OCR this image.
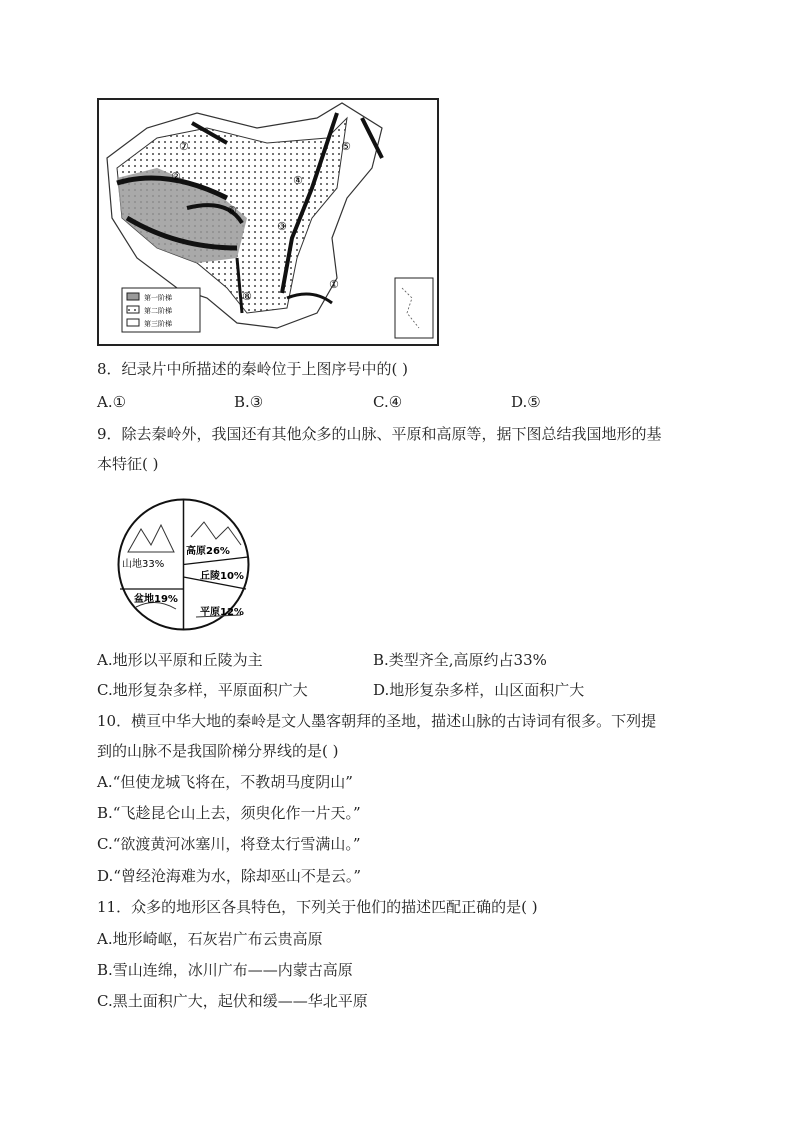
⑤
④
⑥
③
①
⑧
②
⑦
第一阶梯
第二阶梯
第三阶梯
8．纪录片中所描述的秦岭位于上图序号中的( )
A.①	B.③	C.④	D.⑤
9．除去秦岭外，我国还有其他众多的山脉、平原和高原等，据下图总结我国地形的基
本特征( )
山地33%
高原26%
丘陵10%
盆地19%
平原12%
A.地形以平原和丘陵为主	B.类型齐全,高原约占33%
C.地形复杂多样，平原面积广大	D.地形复杂多样，山区面积广大
10．横亘中华大地的秦岭是文人墨客朝拜的圣地，描述山脉的古诗词有很多。下列提
到的山脉不是我国阶梯分界线的是( )
A.“但使龙城飞将在，不教胡马度阴山”
B.“飞趁昆仑山上去，须臾化作一片天。”
C.“欲渡黄河冰塞川，将登太行雪满山。”
D.“曾经沧海难为水，除却巫山不是云。”
11．众多的地形区各具特色，下列关于他们的描述匹配正确的是( )
A.地形崎岖，石灰岩广布云贵高原
B.雪山连绵，冰川广布——内蒙古高原
C.黑土面积广大，起伏和缓——华北平原
